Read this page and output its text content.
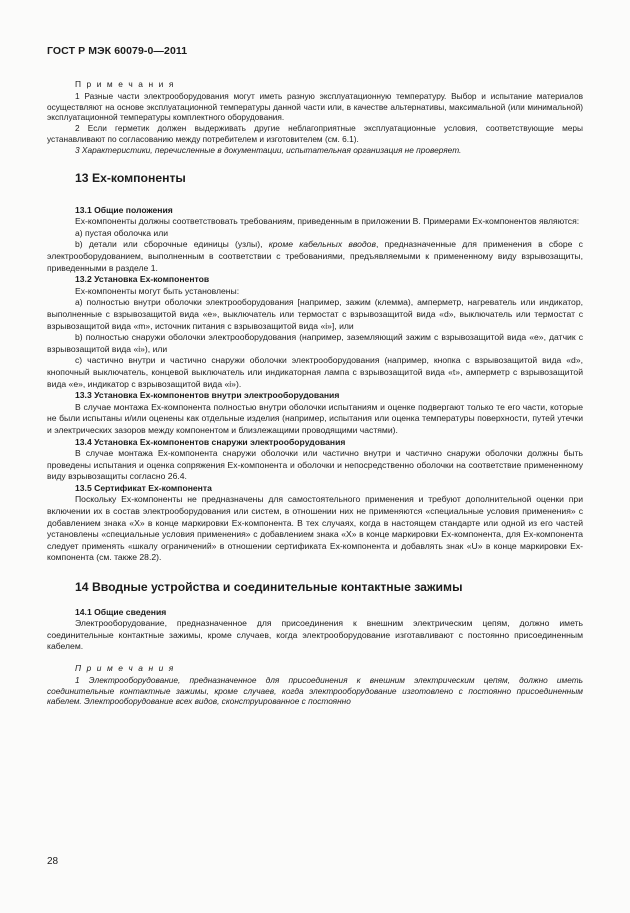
ГОСТ Р МЭК 60079-0—2011

П р и м е ч а н и я

1 Разные части электрооборудования могут иметь разную эксплуатационную температуру. Выбор и испытание материалов осуществляют на основе эксплуатационной температуры данной части или, в качестве альтернативы, максимальной (или минимальной) эксплуатационной температуры комплектного оборудования.

2 Если герметик должен выдерживать другие неблагоприятные эксплуатационные условия, соответствующие меры устанавливают по согласованию между потребителем и изготовителем (см. 6.1).

3 Характеристики, перечисленные в документации, испытательная организация не проверяет.

13 Ex-компоненты

13.1 Общие положения

Ex-компоненты должны соответствовать требованиям, приведенным в приложении В. Примерами Ex-компонентов являются:

а) пустая оболочка или

b) детали или сборочные единицы (узлы), кроме кабельных вводов, предназначенные для применения в сборе с электрооборудованием, выполненным в соответствии с требованиями, предъявляемыми к примененному виду взрывозащиты, приведенными в разделе 1.

13.2 Установка Ex-компонентов

Ex-компоненты могут быть установлены:

а) полностью внутри оболочки электрооборудования [например, зажим (клемма), амперметр, нагреватель или индикатор, выполненные с взрывозащитой вида «е», выключатель или термостат с взрывозащитой вида «d», выключатель или термостат с взрывозащитой вида «m», источник питания с взрывозащитой вида «i»], или

b) полностью снаружи оболочки электрооборудования (например, заземляющий зажим с взрывозащитой вида «е», датчик с взрывозащитой вида «i»), или

с) частично внутри и частично снаружи оболочки электрооборудования (например, кнопка с взрывозащитой вида «d», кнопочный выключатель, концевой выключатель или индикаторная лампа с взрывозащитой вида «t», амперметр с взрывозащитой вида «е», индикатор с взрывозащитой вида «i»).

13.3 Установка Ex-компонентов внутри электрооборудования

В случае монтажа Ex-компонента полностью внутри оболочки испытаниям и оценке подвергают только те его части, которые не были испытаны и/или оценены как отдельные изделия (например, испытания или оценка температуры поверхности, путей утечки и электрических зазоров между компонентом и близлежащими проводящими частями).

13.4 Установка Ex-компонентов снаружи электрооборудования

В случае монтажа Ex-компонента снаружи оболочки или частично внутри и частично снаружи оболочки должны быть проведены испытания и оценка сопряжения Ex-компонента и оболочки и непосредственно оболочки на соответствие примененному виду взрывозащиты согласно 26.4.

13.5 Сертификат Ex-компонента

Поскольку Ex-компоненты не предназначены для самостоятельного применения и требуют дополнительной оценки при включении их в состав электрооборудования или систем, в отношении них не применяются «специальные условия применения» с добавлением знака «X» в конце маркировки Ex-компонента. В тех случаях, когда в настоящем стандарте или одной из его частей установлены «специальные условия применения» с добавлением знака «X» в конце маркировки Ex-компонента, для Ex-компонента следует применять «шкалу ограничений» в отношении сертификата Ex-компонента и добавлять знак «U» в конце маркировки Ex-компонента (см. также 28.2).

14 Вводные устройства и соединительные контактные зажимы

14.1 Общие сведения

Электрооборудование, предназначенное для присоединения к внешним электрическим цепям, должно иметь соединительные контактные зажимы, кроме случаев, когда электрооборудование изготавливают с постоянно присоединенным кабелем.

П р и м е ч а н и я

1 Электрооборудование, предназначенное для присоединения к внешним электрическим цепям, должно иметь соединительные контактные зажимы, кроме случаев, когда электрооборудование изготовлено с постоянно присоединенным кабелем. Электрооборудование всех видов, сконструированное с постоянно

28
